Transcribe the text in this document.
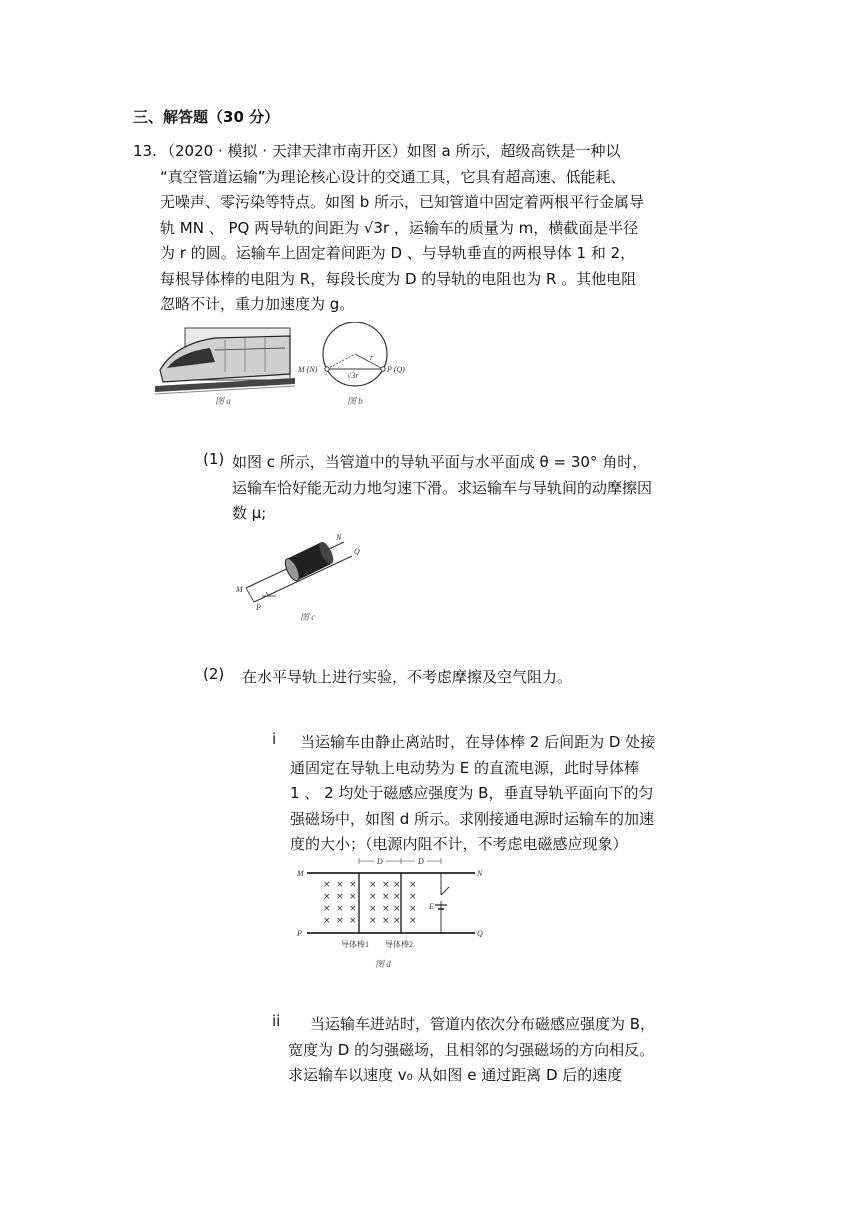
三、解答题（30 分）
13. （2020 · 模拟 · 天津天津市南开区）如图 a 所示，超级高铁是一种以
“真空管道运输”为理论核心设计的交通工具，它具有超高速、低能耗、
无噪声、零污染等特点。如图 b 所示，已知管道中固定着两根平行金属导
轨 MN 、 PQ 两导轨的间距为 √3r ，运输车的质量为 m，横截面是半径
为 r 的圆。运输车上固定着间距为 D 、与导轨垂直的两根导体 1 和 2，
每根导体棒的电阻为 R，每段长度为 D 的导轨的电阻也为 R 。其他电阻
忽略不计，重力加速度为 g。
图 a
r
M (N)	P (Q)
√3r
图 b
(1) 如图 c 所示，当管道中的导轨平面与水平面成 θ = 30° 角时，
运输车恰好能无动力地匀速下滑。求运输车与导轨间的动摩擦因
数 μ;
N
Q
M
P
图 c
(2) 在水平导轨上进行实验，不考虑摩擦及空气阻力。
i	当运输车由静止离站时，在导体棒 2 后间距为 D 处接
通固定在导轨上电动势为 E 的直流电源，此时导体棒
1 、 2 均处于磁感应强度为 B，垂直导轨平面向下的匀
强磁场中，如图 d 所示。求刚接通电源时运输车的加速
度的大小；（电源内阻不计，不考虑电磁感应现象）
D	D
E
× × × × × × ×
× × × × × × ×
× × × × × × ×
× × × × × × ×
M	N
P	Q
导体棒1 导体棒2
图 d
ii	当运输车进站时，管道内依次分布磁感应强度为 B，
宽度为 D 的匀强磁场，且相邻的匀强磁场的方向相反。
求运输车以速度 v₀ 从如图 e 通过距离 D 后的速度
